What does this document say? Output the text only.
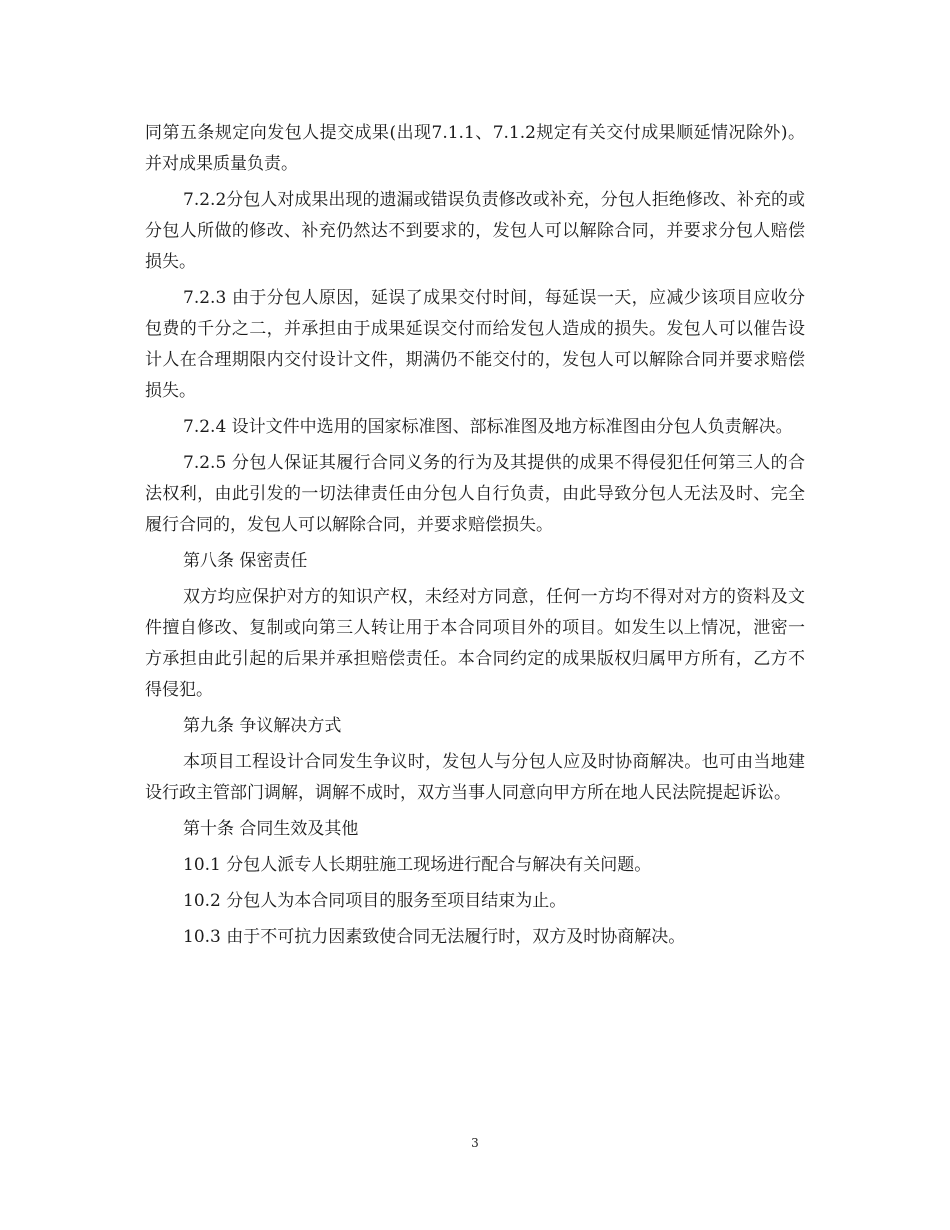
同第五条规定向发包人提交成果(出现7.1.1、7.1.2规定有关交付成果顺延情况除外)。并对成果质量负责。

7.2.2分包人对成果出现的遗漏或错误负责修改或补充，分包人拒绝修改、补充的或分包人所做的修改、补充仍然达不到要求的，发包人可以解除合同，并要求分包人赔偿损失。

7.2.3 由于分包人原因，延误了成果交付时间，每延误一天，应减少该项目应收分包费的千分之二，并承担由于成果延误交付而给发包人造成的损失。发包人可以催告设计人在合理期限内交付设计文件，期满仍不能交付的，发包人可以解除合同并要求赔偿损失。

7.2.4 设计文件中选用的国家标准图、部标准图及地方标准图由分包人负责解决。

7.2.5 分包人保证其履行合同义务的行为及其提供的成果不得侵犯任何第三人的合法权利，由此引发的一切法律责任由分包人自行负责，由此导致分包人无法及时、完全履行合同的，发包人可以解除合同，并要求赔偿损失。

第八条 保密责任

双方均应保护对方的知识产权，未经对方同意，任何一方均不得对对方的资料及文件擅自修改、复制或向第三人转让用于本合同项目外的项目。如发生以上情况，泄密一方承担由此引起的后果并承担赔偿责任。本合同约定的成果版权归属甲方所有，乙方不得侵犯。

第九条 争议解决方式

本项目工程设计合同发生争议时，发包人与分包人应及时协商解决。也可由当地建设行政主管部门调解，调解不成时，双方当事人同意向甲方所在地人民法院提起诉讼。

第十条 合同生效及其他

10.1 分包人派专人长期驻施工现场进行配合与解决有关问题。

10.2 分包人为本合同项目的服务至项目结束为止。

10.3 由于不可抗力因素致使合同无法履行时，双方及时协商解决。

3
